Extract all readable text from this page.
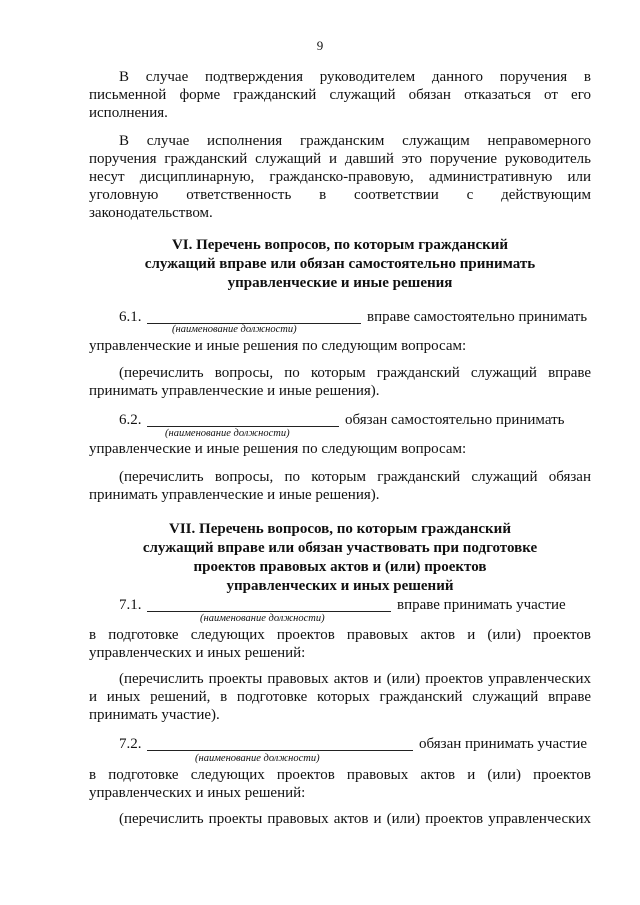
9

В случае подтверждения руководителем данного поручения в письменной форме гражданский служащий обязан отказаться от его исполнения.

В случае исполнения гражданским служащим неправомерного поручения гражданский служащий и давший это поручение руководитель несут дисциплинарную, гражданско-правовую, административную или уголовную ответственность в соответствии с действующим законодательством.

VI. Перечень вопросов, по которым гражданский

служащий вправе или обязан самостоятельно принимать

управленческие и иные решения

6.1.	вправе самостоятельно принимать
(наименование должности)

управленческие и иные решения по следующим вопросам:

(перечислить вопросы, по которым гражданский служащий вправе принимать управленческие и иные решения).

6.2.	обязан самостоятельно принимать
(наименование должности)

управленческие и иные решения по следующим вопросам:

(перечислить вопросы, по которым гражданский служащий обязан принимать управленческие и иные решения).

VII. Перечень вопросов, по которым гражданский

служащий вправе или обязан участвовать при подготовке

проектов правовых актов и (или) проектов

управленческих и иных решений

7.1.	вправе принимать участие
(наименование должности)

в подготовке следующих проектов правовых актов и (или) проектов управленческих и иных решений:

(перечислить проекты правовых актов и (или) проектов управленческих и иных решений, в подготовке которых гражданский служащий вправе принимать участие).

7.2.	обязан принимать участие
(наименование должности)

в подготовке следующих проектов правовых актов и (или) проектов управленческих и иных решений:

(перечислить проекты правовых актов и (или) проектов управленческих
